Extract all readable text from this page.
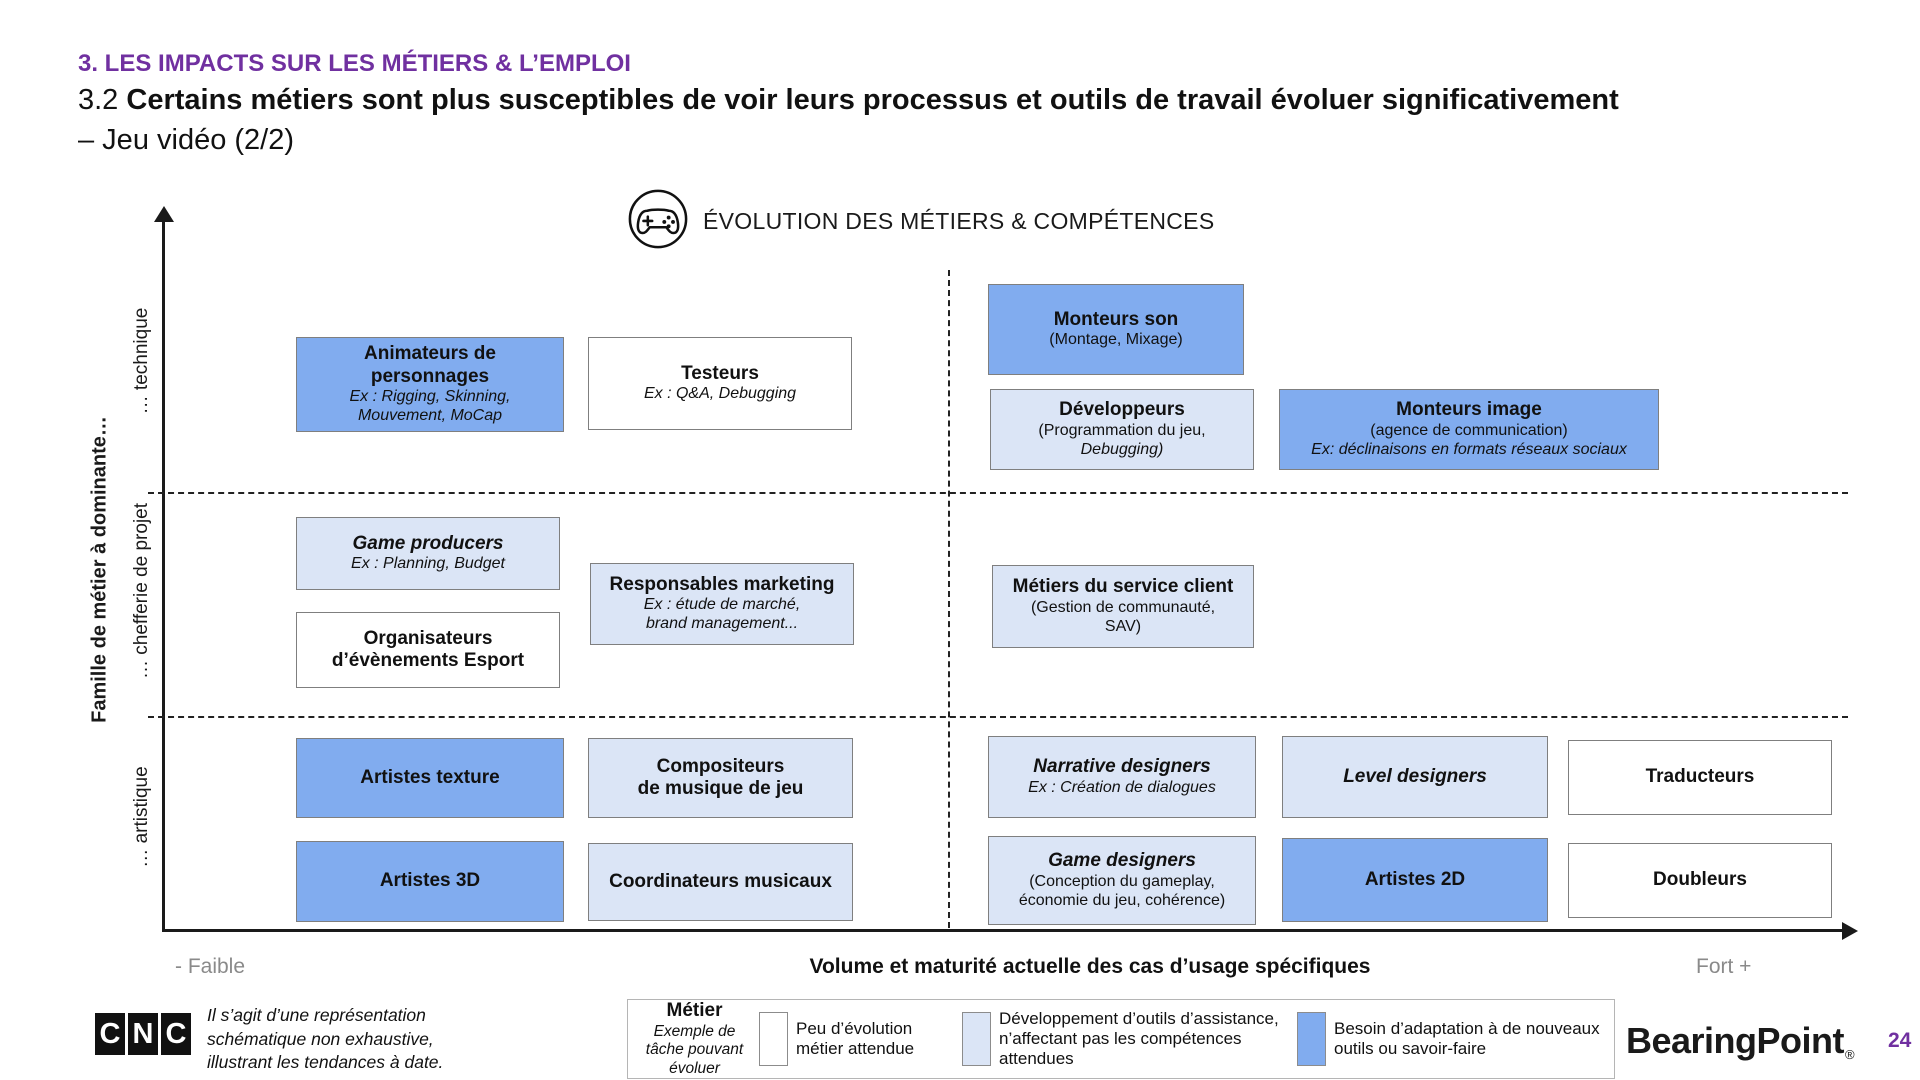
3. LES IMPACTS SUR LES MÉTIERS & L’EMPLOI
3.2 Certains métiers sont plus susceptibles de voir leurs processus et outils de travail évoluer significativement
– Jeu vidéo (2/2)
ÉVOLUTION DES MÉTIERS & COMPÉTENCES
Famille de métier à dominante…
… technique
… chefferie de projet
… artistique
- Faible	Volume et maturité actuelle des cas d’usage spécifiques	Fort +
Animateurs de
personnages
Ex : Rigging, Skinning,
Mouvement, MoCap
Testeurs
Ex : Q&A, Debugging
Monteurs son
(Montage, Mixage)
Développeurs
(Programmation du jeu,
Debugging)
Monteurs image
(agence de communication)
Ex: déclinaisons en formats réseaux sociaux
Game producers
Ex : Planning, Budget
Organisateurs
d’évènements Esport
Responsables marketing
Ex : étude de marché,
brand management...
Métiers du service client
(Gestion de communauté,
SAV)
Artistes texture
Compositeurs
de musique de jeu
Narrative designers
Ex : Création de dialogues
Level designers	Traducteurs
Artistes 3D	Coordinateurs musicaux
Game designers
(Conception du gameplay,
économie du jeu, cohérence)
Artistes 2D	Doubleurs
C N C
Il s’agit d’une représentation schématique non exhaustive, illustrant les tendances à date.
Métier
Exemple de tâche pouvant évoluer
Peu d’évolution métier attendue
Développement d’outils d’assistance, n’affectant pas les compétences attendues
Besoin d’adaptation à de nouveaux outils ou savoir-faire	BearingPoint®
24
